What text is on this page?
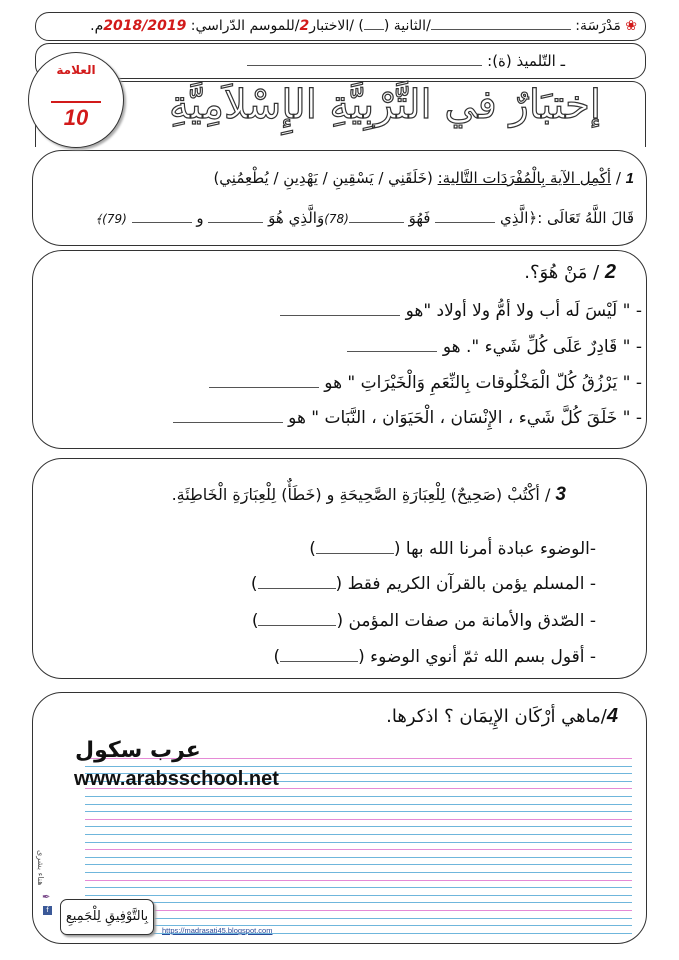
❀ مَدْرَسَة: /الثانية () /الاختبار2/للموسم الدّراسي: 2018/2019م.
ـ التّلميذ (ة):
إختبَارٌ في التَّرْبِيَّةِ الإِسْلاَمِيَّةِ
العلامة
10
1 / أكْمِل الآية بِالْمُفْرَدَات التَّالية: (خَلَقَنِي / يَسْقِينِ / يَهْدِينِ / يُطْعِمُنِي)
قَالَ اللَّهُ تَعَالَى :﴿الَّذِي  فَهُوَ (78)وَالَّذِي هُوَ  و  (79)﴾
2 / مَنْ هُوَ؟.
- " لَيْسَ لَه أب ولا أمُّ ولا أولاد "هو
- " قَادِرٌ عَلَى كُلِّ شَيء ". هو
- " يَرْزُقُ كُلّ الْمَخْلُوقات بِالنِّعَمِ وَالْخَيْرَاتِ " هو
- " خَلَقَ كُلَّ شَيء ، الإِنْسَان ، الْحَيَوَان ، النَّبَات " هو
3 / أكْتُبْ (صَحِيحٌ) لِلْعِبَارَةِ الصَّحِيحَةِ و (خَطَأٌ) لِلْعِبَارَةِ الْخَاطِئَةِ.
-الوضوء عبادة أمرنا الله بها ()
- المسلم يؤمن بالقرآن الكريم فقط ()
- الصّدق والأمانة من صفات المؤمن ()
- أقول بسم الله ثمّ أنوي الوضوء ()
4/ماهي أرْكَان الإِيمَان ؟ اذكرها.
عرب سكول
www.arabsschool.net
هناء بشرى
✒
f	بِالتَّوْفِيقِ لِلْجَمِيعِ
https://madrasati45.blogspot.com
